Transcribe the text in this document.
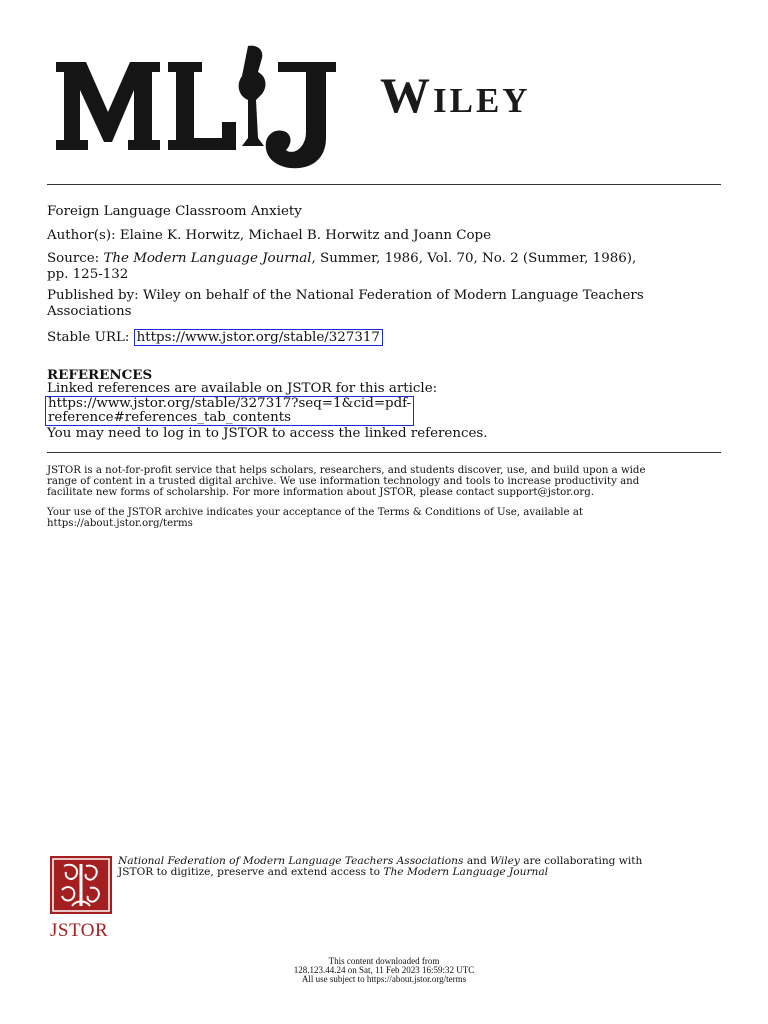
Wiley

Foreign Language Classroom Anxiety

Author(s): Elaine K. Horwitz, Michael B. Horwitz and Joann Cope

Source: The Modern Language Journal, Summer, 1986, Vol. 70, No. 2 (Summer, 1986),

pp. 125-132

Published by: Wiley on behalf of the National Federation of Modern Language Teachers

Associations

Stable URL: https://www.jstor.org/stable/327317

REFERENCES

Linked references are available on JSTOR for this article:

https://www.jstor.org/stable/327317?seq=1&cid=pdf-
reference#references_tab_contents

You may need to log in to JSTOR to access the linked references.

JSTOR is a not-for-profit service that helps scholars, researchers, and students discover, use, and build upon a wide

range of content in a trusted digital archive. We use information technology and tools to increase productivity and

facilitate new forms of scholarship. For more information about JSTOR, please contact support@jstor.org.

Your use of the JSTOR archive indicates your acceptance of the Terms & Conditions of Use, available at

https://about.jstor.org/terms

JSTOR

National Federation of Modern Language Teachers Associations and Wiley are collaborating with

JSTOR to digitize, preserve and extend access to The Modern Language Journal

This content downloaded from

128.123.44.24 on Sat, 11 Feb 2023 16:59:32 UTC

All use subject to https://about.jstor.org/terms
